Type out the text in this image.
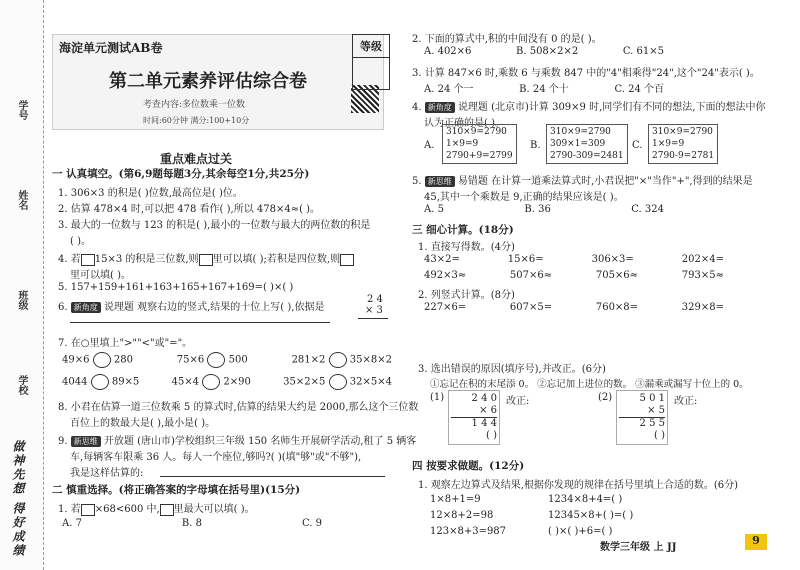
学号
姓名
班级
学校
做神先想 得好成绩
海淀单元测试AB卷
第二单元素养评估综合卷
考查内容:多位数乘一位数
时间:60分钟 满分:100+10分
等级
重点难点过关
一 认真填空。(第6,9题每题3分,其余每空1分,共25分)
1. 306×3 的积是( )位数,最高位是( )位。
2. 估算 478×4 时,可以把 478 看作( ),所以 478×4≈( )。
3. 最大的一位数与 123 的积是( ),最小的一位数与最大的两位数的积是
( )。
4. 若 15×3 的积是三位数,则 里可以填( );若积是四位数,则
里可以填( )。
5. 157+159+161+163+165+167+169=( )×( )
6. 新角度 说理题 观察右边的竖式,结果的十位上写( ),依据是
2 4
× 3
7. 在○里填上">""<"或"="。
49×6 280	75×6 500	281×2 35×8×2
4044 89×5	45×4 2×90	35×2×5 32×5×4
8. 小君在估算一道三位数乘 5 的算式时,估算的结果大约是 2000,那么这个三位数
百位上的数最大是( ),最小是( )。
9. 新思维 开放题 (唐山市)学校组织三年级 150 名师生开展研学活动,租了 5 辆客
车,每辆客车限乘 36 人。每人一个座位,够吗?( )(填"够"或"不够"),
我是这样估算的:
二 慎重选择。(将正确答案的字母填在括号里)(15分)
1. 若 ×68<600 中, 里最大可以填( )。
A. 7	B. 8	C. 9
2. 下面的算式中,积的中间没有 0 的是( )。
A. 402×6	B. 508×2×2	C. 61×5
3. 计算 847×6 时,乘数 6 与乘数 847 中的"4"相乘得"24",这个"24"表示( )。
A. 24 个一	B. 24 个十	C. 24 个百
4. 新角度 说理题 (北京市)计算 309×9 时,同学们有不同的想法,下面的想法中你
认为正确的是( )。
A.
310×9=2790
1×9=9
2790+9=2799
B.
310×9=2790
309×1=309
2790-309=2481
C.
310×9=2790
1×9=9
2790-9=2781
5. 新思维 易错题 在计算一道乘法算式时,小君误把"×"当作"+",得到的结果是
45,其中一个乘数是 9,正确的结果应该是( )。
A. 5	B. 36	C. 324
三 细心计算。(18分)
1. 直接写得数。(4分)
43×2=	15×6=	306×3=	202×4=
492×3≈	507×6≈	705×6≈	793×5≈
2. 列竖式计算。(8分)
227×6=	607×5=	760×8=	329×8=
3. 选出错误的原因(填序号),并改正。(6分)
①忘记在积的末尾添 0。 ②忘记加上进位的数。 ③漏乘或漏写十位上的 0。
(1)	2 4 0
× 6
1 4 4
( )
改正:	(2)	5 0 1
× 5
2 5 5
( )
改正:
四 按要求做题。(12分)
1. 观察左边算式及结果,根据你发现的规律在括号里填上合适的数。(6分)
1×8+1=9
12×8+2=98
123×8+3=987
1234×8+4=( )
12345×8+( )=( )
( )×( )+6=( )
数学三年级 上 JJ
9
